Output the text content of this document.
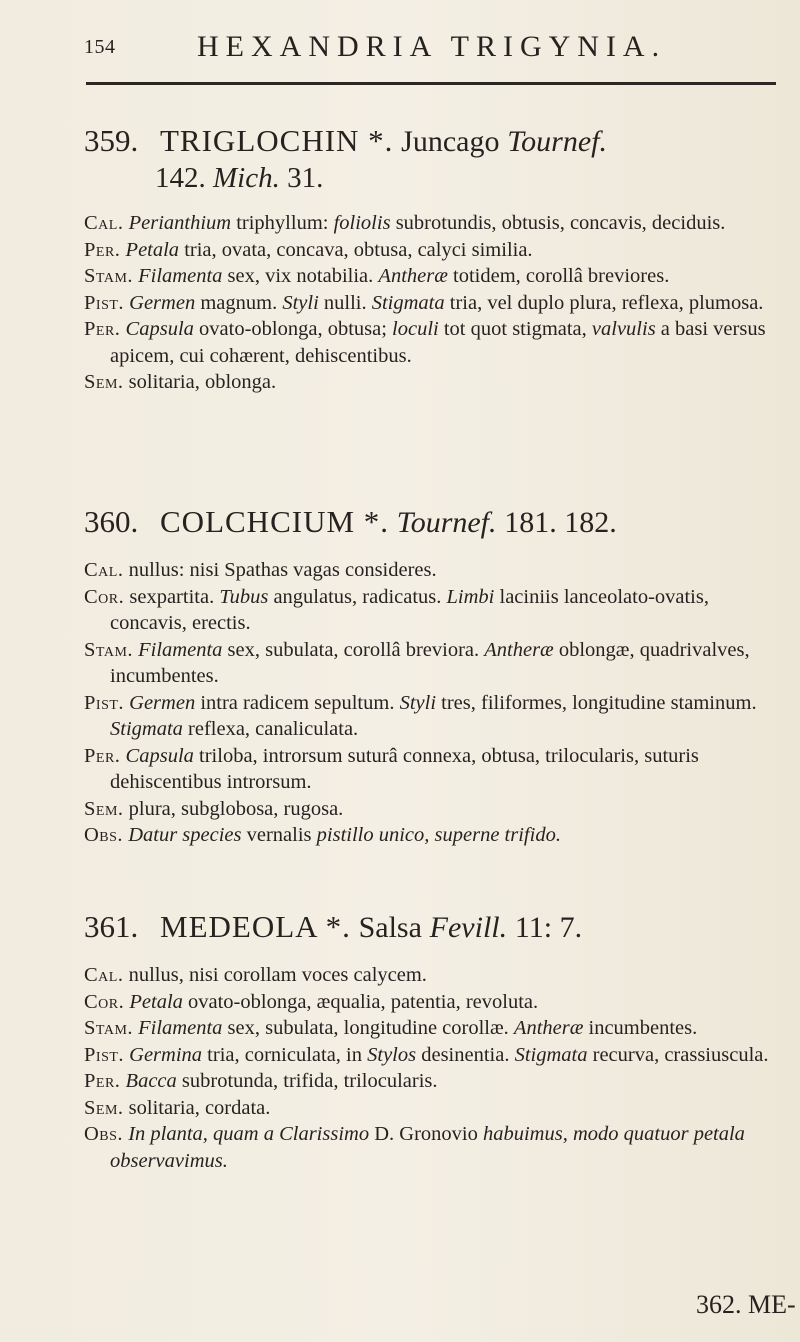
154	HEXANDRIA TRIGYNIA.
359. TRIGLOCHIN *. Juncago Tournef.
142. Mich. 31.

Cal. Perianthium triphyllum: foliolis subrotundis, obtusis, concavis, deciduis.

Per. Petala tria, ovata, concava, obtusa, calyci similia.

Stam. Filamenta sex, vix notabilia. Antheræ totidem, corollâ breviores.

Pist. Germen magnum. Styli nulli. Stigmata tria, vel duplo plura, reflexa, plumosa.

Per. Capsula ovato-oblonga, obtusa; loculi tot quot stigmata, valvulis a basi versus apicem, cui cohærent, dehiscentibus.

Sem. solitaria, oblonga.

360. COLCHCIUM *. Tournef. 181. 182.

Cal. nullus: nisi Spathas vagas consideres.

Cor. sexpartita. Tubus angulatus, radicatus. Limbi laciniis lanceolato-ovatis, concavis, erectis.

Stam. Filamenta sex, subulata, corollâ breviora. Antheræ oblongæ, quadrivalves, incumbentes.

Pist. Germen intra radicem sepultum. Styli tres, filiformes, longitudine staminum. Stigmata reflexa, canaliculata.

Per. Capsula triloba, introrsum suturâ connexa, obtusa, trilocularis, suturis dehiscentibus introrsum.

Sem. plura, subglobosa, rugosa.

Obs. Datur species vernalis pistillo unico, superne trifido.

361. MEDEOLA *. Salsa Fevill. 11: 7.

Cal. nullus, nisi corollam voces calycem.

Cor. Petala ovato-oblonga, æqualia, patentia, revoluta.

Stam. Filamenta sex, subulata, longitudine corollæ. Antheræ incumbentes.

Pist. Germina tria, corniculata, in Stylos desinentia. Stigmata recurva, crassiuscula.

Per. Bacca subrotunda, trifida, trilocularis.

Sem. solitaria, cordata.

Obs. In planta, quam a Clarissimo D. Gronovio habuimus, modo quatuor petala observavimus.

362. ME-
